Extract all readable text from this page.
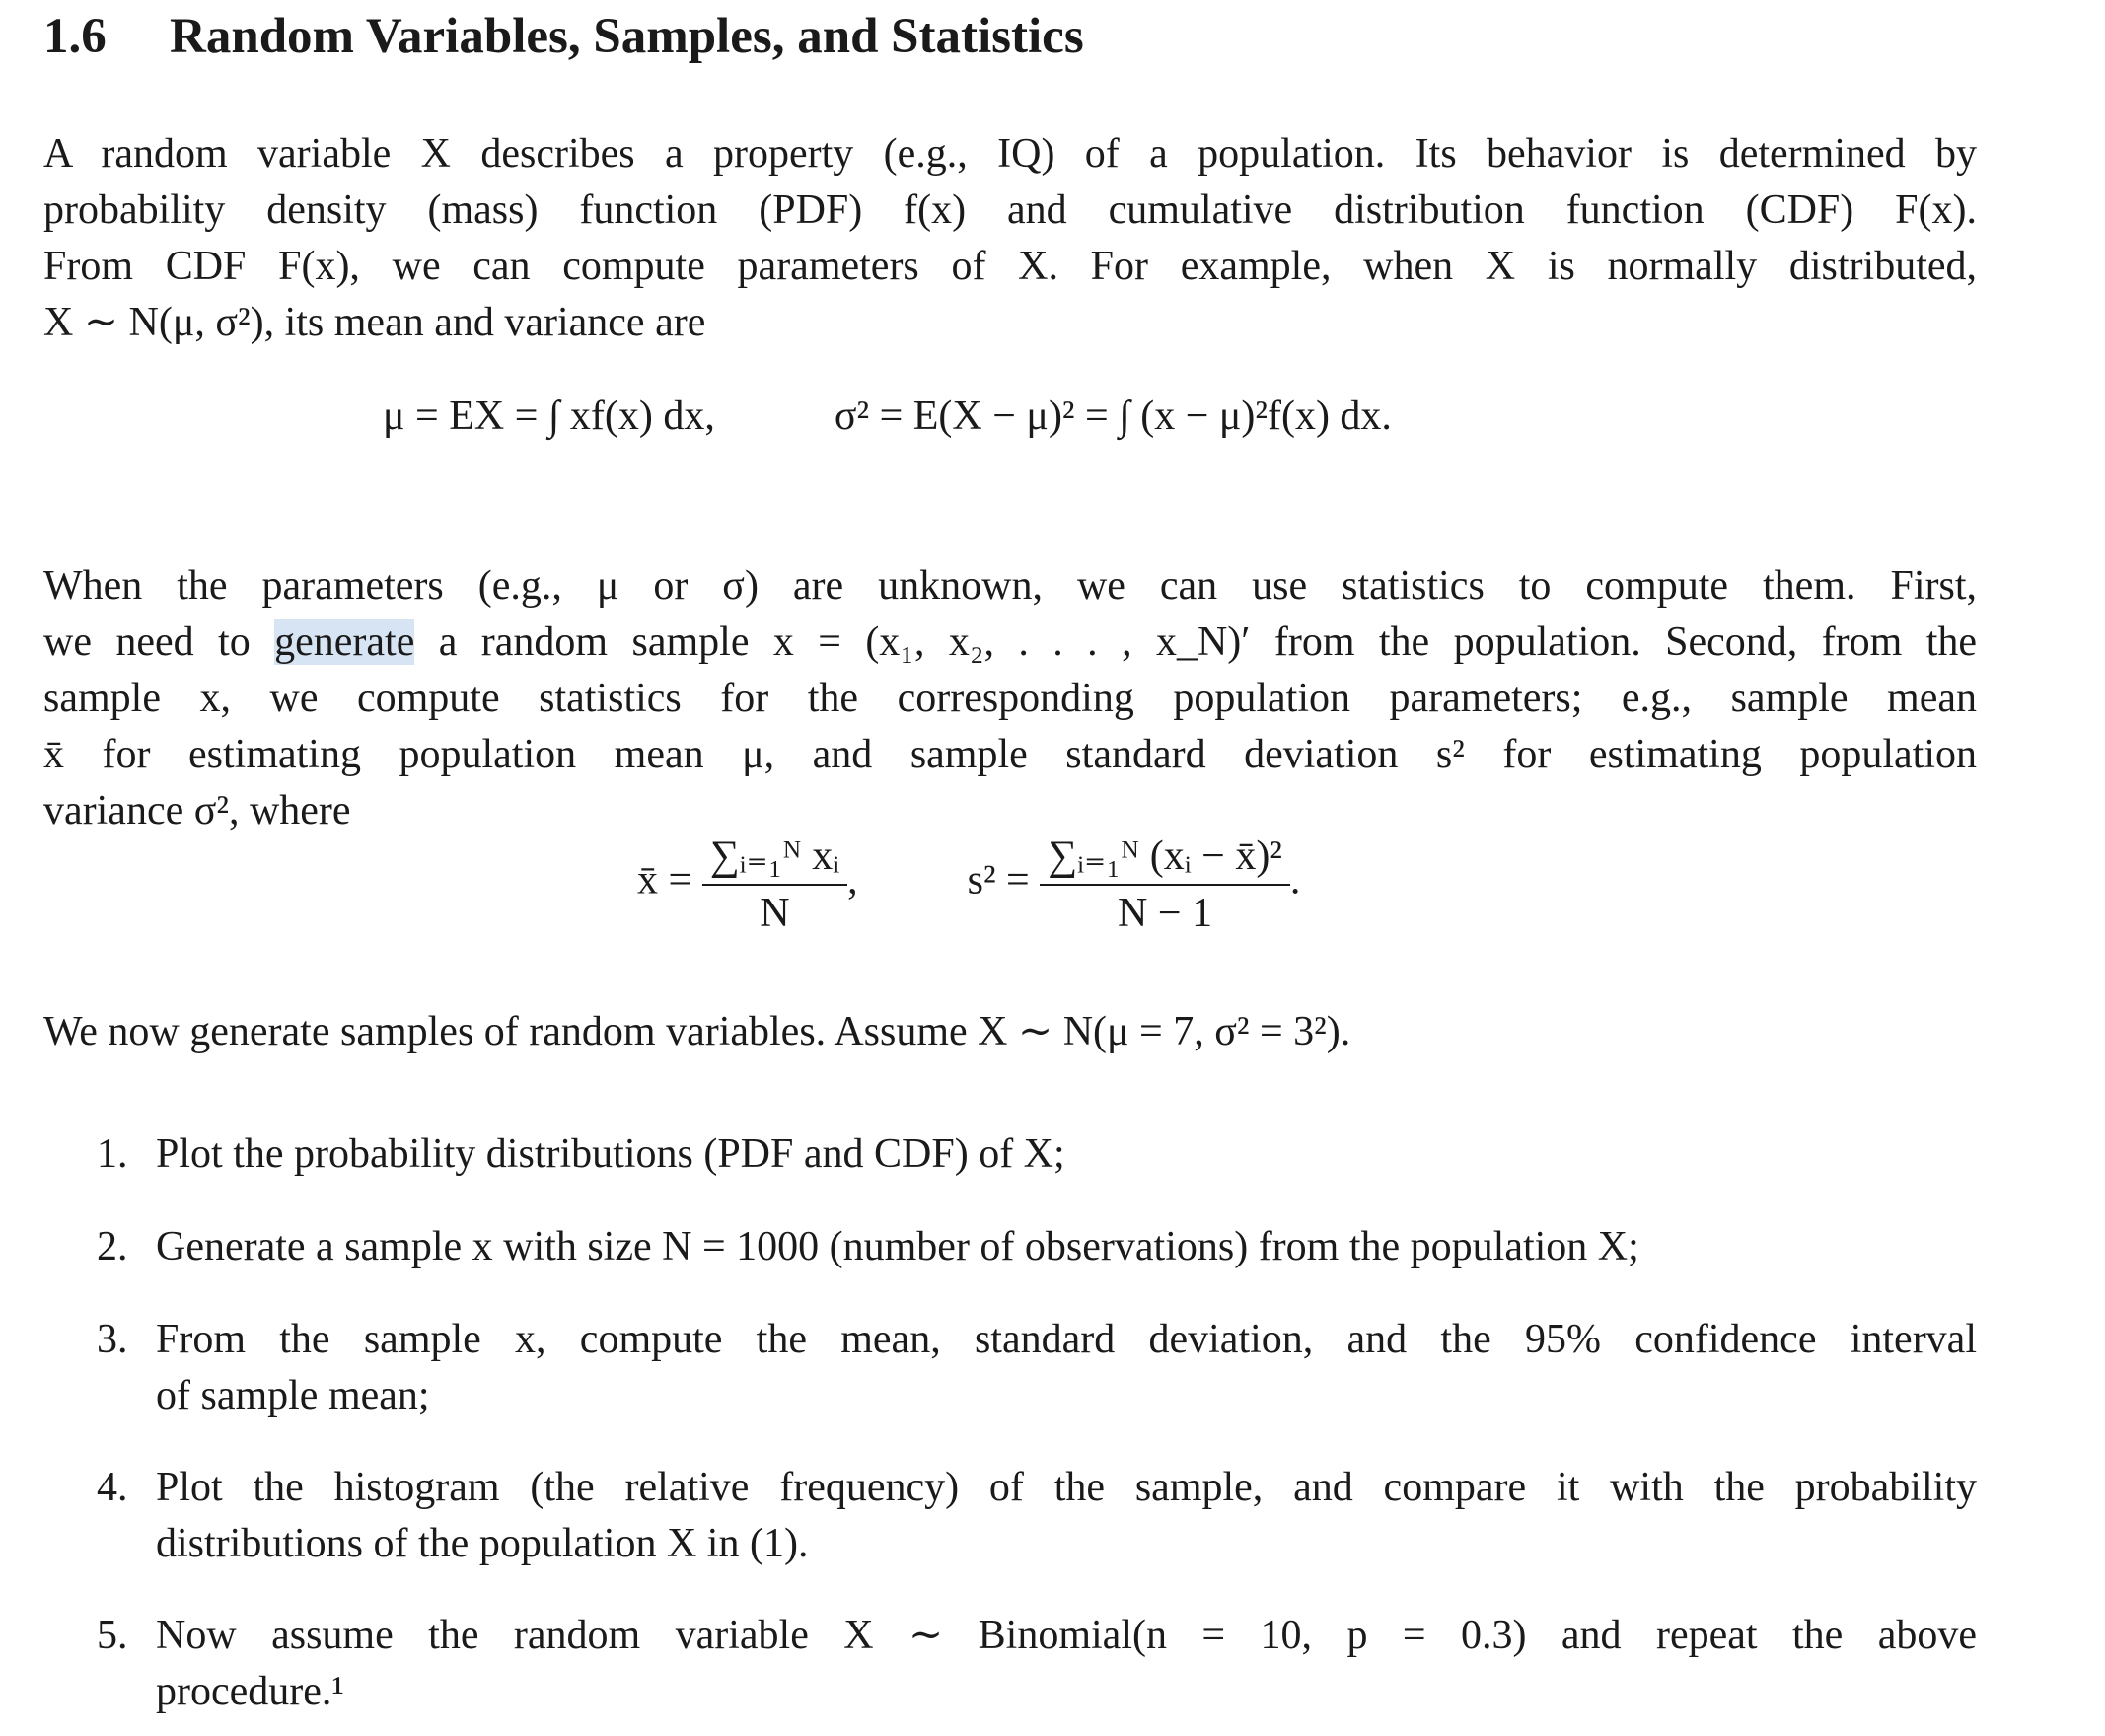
1.6 Random Variables, Samples, and Statistics
A random variable X describes a property (e.g., IQ) of a population. Its behavior is determined by
probability density (mass) function (PDF) f(x) and cumulative distribution function (CDF) F(x).
From CDF F(x), we can compute parameters of X. For example, when X is normally distributed,
X ∼ N(μ, σ²), its mean and variance are
μ = EX = ∫ xf(x) dx,	σ² = E(X − μ)² = ∫ (x − μ)²f(x) dx.
When the parameters (e.g., μ or σ) are unknown, we can use statistics to compute them. First,
we need to generate a random sample x = (x₁, x₂, . . . , x_N)′ from the population. Second, from the
sample x, we compute statistics for the corresponding population parameters; e.g., sample mean
x̄ for estimating population mean μ, and sample standard deviation s² for estimating population
variance σ², where
x̄ = $\frac{\text{∑ᵢ₌₁ᴺ xᵢ}}{N}$ ,	$s^2 = \frac{\text{∑ᵢ₌₁ᴺ (xᵢ − x̄)²}}{N - 1}$ .
We now generate samples of random variables. Assume X ∼ N(μ = 7, σ² = 3²).
1. Plot the probability distributions (PDF and CDF) of X;
2. Generate a sample x with size N = 1000 (number of observations) from the population X;
3. From the sample x, compute the mean, standard deviation, and the 95% confidence interval
of sample mean;
4. Plot the histogram (the relative frequency) of the sample, and compare it with the probability
distributions of the population X in (1).
5. Now assume the random variable X ∼ Binomial(n = 10, p = 0.3) and repeat the above
procedure.¹
